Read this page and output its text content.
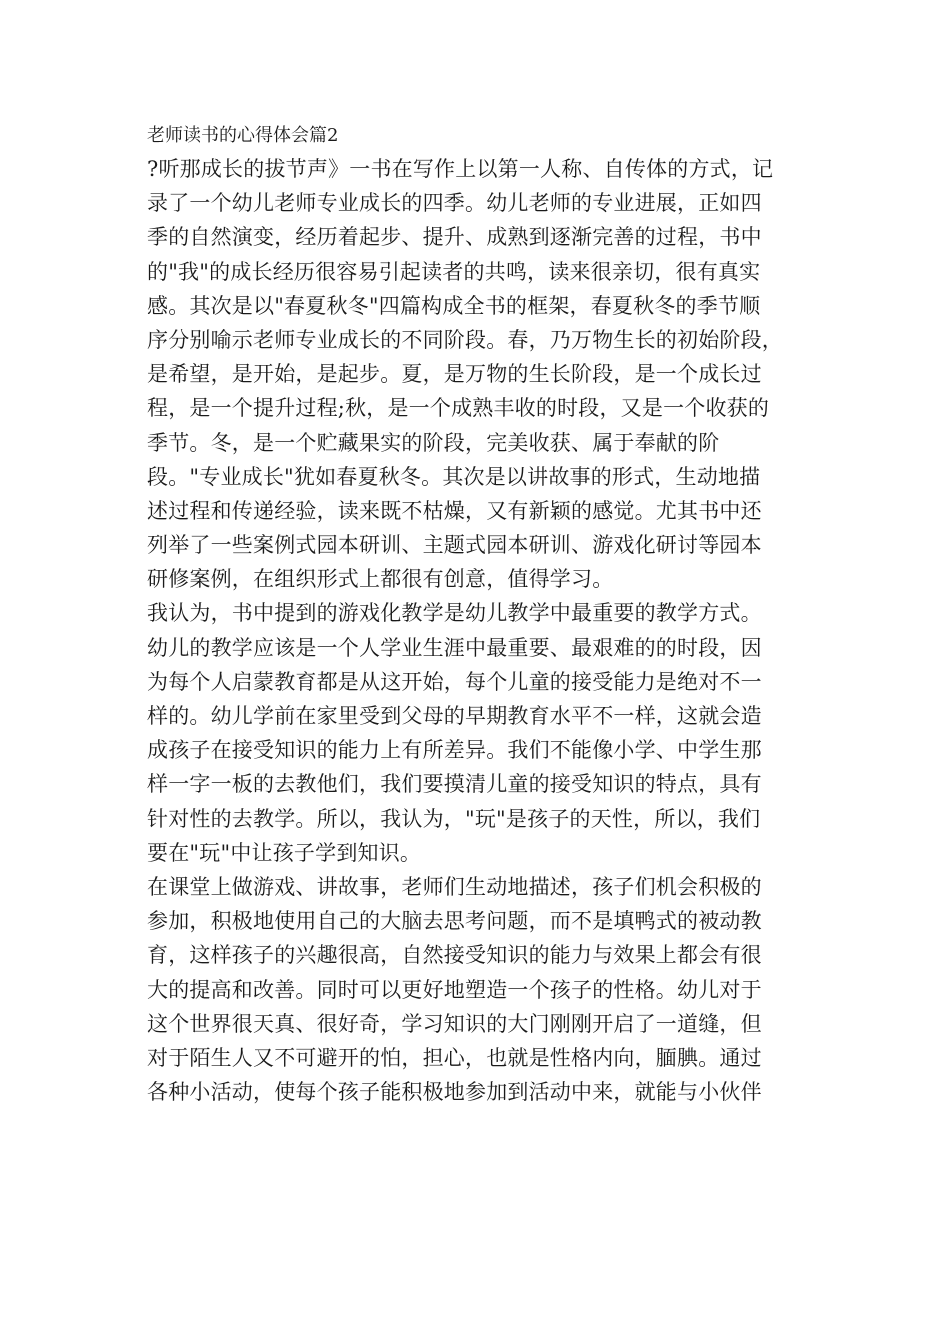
老师读书的心得体会篇2
?听那成长的拔节声》一书在写作上以第一人称、自传体的方式，记
录了一个幼儿老师专业成长的四季。幼儿老师的专业进展，正如四
季的自然演变，经历着起步、提升、成熟到逐渐完善的过程，书中
的"我"的成长经历很容易引起读者的共鸣，读来很亲切，很有真实
感。其次是以"春夏秋冬"四篇构成全书的框架，春夏秋冬的季节顺
序分别喻示老师专业成长的不同阶段。春，乃万物生长的初始阶段，
是希望，是开始，是起步。夏，是万物的生长阶段，是一个成长过
程，是一个提升过程;秋，是一个成熟丰收的时段，又是一个收获的
季节。冬，是一个贮藏果实的阶段，完美收获、属于奉献的阶
段。"专业成长"犹如春夏秋冬。其次是以讲故事的形式，生动地描
述过程和传递经验，读来既不枯燥，又有新颖的感觉。尤其书中还
列举了一些案例式园本研训、主题式园本研训、游戏化研讨等园本
研修案例，在组织形式上都很有创意，值得学习。
我认为，书中提到的游戏化教学是幼儿教学中最重要的教学方式。
幼儿的教学应该是一个人学业生涯中最重要、最艰难的的时段，因
为每个人启蒙教育都是从这开始，每个儿童的接受能力是绝对不一
样的。幼儿学前在家里受到父母的早期教育水平不一样，这就会造
成孩子在接受知识的能力上有所差异。我们不能像小学、中学生那
样一字一板的去教他们，我们要摸清儿童的接受知识的特点，具有
针对性的去教学。所以，我认为，"玩"是孩子的天性，所以，我们
要在"玩"中让孩子学到知识。
在课堂上做游戏、讲故事，老师们生动地描述，孩子们机会积极的
参加，积极地使用自己的大脑去思考问题，而不是填鸭式的被动教
育，这样孩子的兴趣很高，自然接受知识的能力与效果上都会有很
大的提高和改善。同时可以更好地塑造一个孩子的性格。幼儿对于
这个世界很天真、很好奇，学习知识的大门刚刚开启了一道缝，但
对于陌生人又不可避开的怕，担心，也就是性格内向，腼腆。通过
各种小活动，使每个孩子能积极地参加到活动中来，就能与小伙伴
